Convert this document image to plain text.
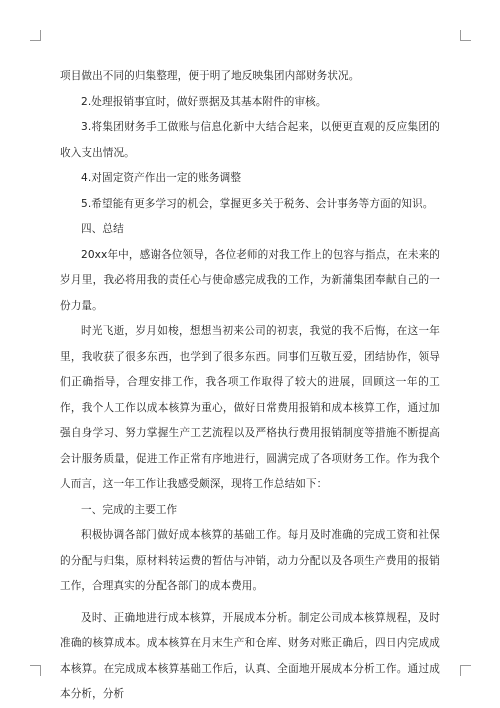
项目做出不同的归集整理，便于明了地反映集团内部财务状况。

2.处理报销事宜时，做好票据及其基本附件的审核。

3.将集团财务手工做账与信息化新中大结合起来，以便更直观的反应集团的收入支出情况。

4.对固定资产作出一定的账务调整

5.希望能有更多学习的机会，掌握更多关于税务、会计事务等方面的知识。

四、总结

20xx年中，感谢各位领导，各位老师的对我工作上的包容与指点，在未来的岁月里，我必将用我的责任心与使命感完成我的工作，为新蒲集团奉献自己的一份力量。

时光飞逝，岁月如梭，想想当初来公司的初衷，我觉的我不后悔，在这一年里，我收获了很多东西，也学到了很多东西。同事们互敬互爱，团结协作，领导们正确指导，合理安排工作，我各项工作取得了较大的进展，回顾这一年的工作，我个人工作以成本核算为重心，做好日常费用报销和成本核算工作，通过加强自身学习、努力掌握生产工艺流程以及严格执行费用报销制度等措施不断提高会计服务质量，促进工作正常有序地进行，圆满完成了各项财务工作。作为我个人而言，这一年工作让我感受颇深，现将工作总结如下：

一、完成的主要工作

积极协调各部门做好成本核算的基础工作。每月及时准确的完成工资和社保的分配与归集，原材料转运费的暂估与冲销，动力分配以及各项生产费用的报销工作，合理真实的分配各部门的成本费用。

及时、正确地进行成本核算，开展成本分析。制定公司成本核算规程，及时准确的核算成本。成本核算在月末生产和仓库、财务对账正确后，四日内完成成本核算。在完成成本核算基础工作后，认真、全面地开展成本分析工作。通过成本分析，分析
